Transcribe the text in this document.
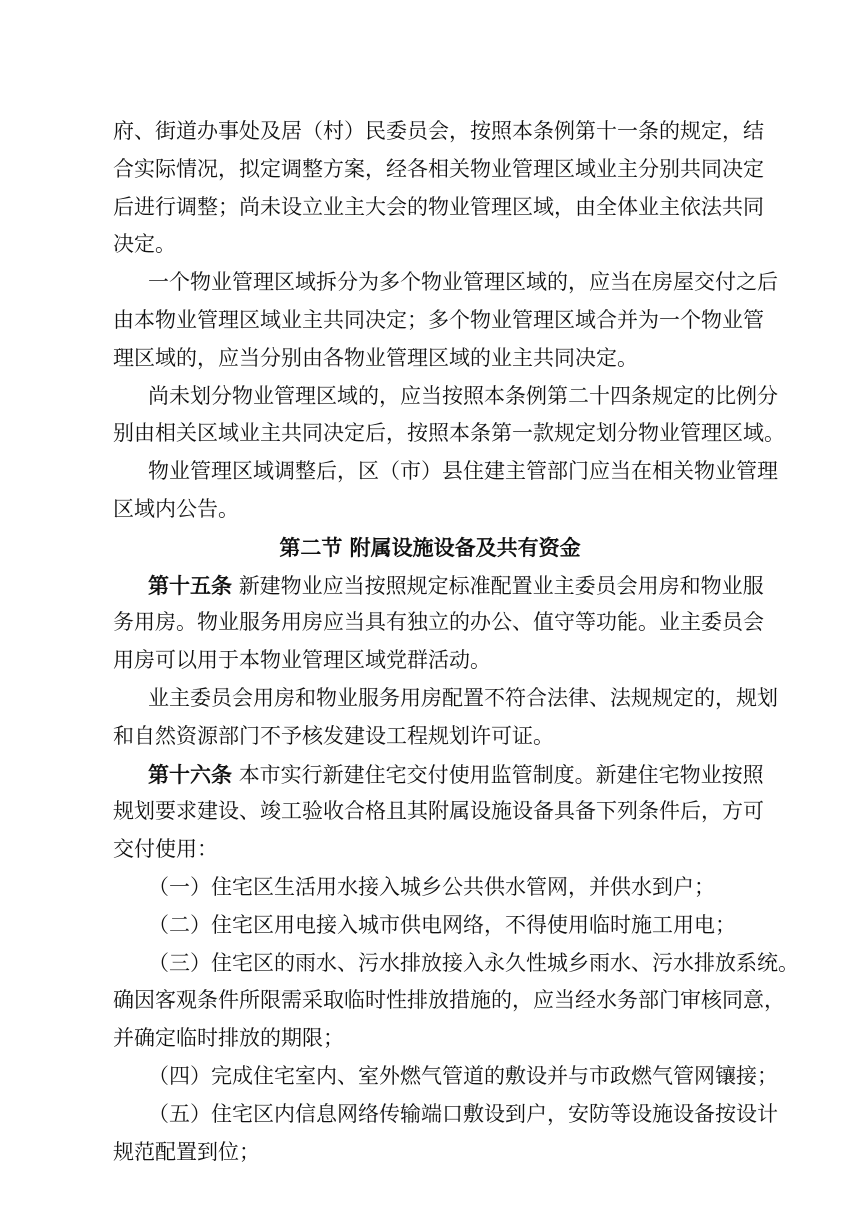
府、街道办事处及居（村）民委员会，按照本条例第十一条的规定，结

合实际情况，拟定调整方案，经各相关物业管理区域业主分别共同决定

后进行调整；尚未设立业主大会的物业管理区域，由全体业主依法共同

决定。

一个物业管理区域拆分为多个物业管理区域的，应当在房屋交付之后

由本物业管理区域业主共同决定；多个物业管理区域合并为一个物业管

理区域的，应当分别由各物业管理区域的业主共同决定。

尚未划分物业管理区域的，应当按照本条例第二十四条规定的比例分

别由相关区域业主共同决定后，按照本条第一款规定划分物业管理区域。

物业管理区域调整后，区（市）县住建主管部门应当在相关物业管理

区域内公告。

第二节 附属设施设备及共有资金

第十五条 新建物业应当按照规定标准配置业主委员会用房和物业服

务用房。物业服务用房应当具有独立的办公、值守等功能。业主委员会

用房可以用于本物业管理区域党群活动。

业主委员会用房和物业服务用房配置不符合法律、法规规定的，规划

和自然资源部门不予核发建设工程规划许可证。

第十六条 本市实行新建住宅交付使用监管制度。新建住宅物业按照

规划要求建设、竣工验收合格且其附属设施设备具备下列条件后，方可

交付使用：

（一）住宅区生活用水接入城乡公共供水管网，并供水到户；

（二）住宅区用电接入城市供电网络，不得使用临时施工用电；

（三）住宅区的雨水、污水排放接入永久性城乡雨水、污水排放系统。

确因客观条件所限需采取临时性排放措施的，应当经水务部门审核同意，

并确定临时排放的期限；

（四）完成住宅室内、室外燃气管道的敷设并与市政燃气管网镶接；

（五）住宅区内信息网络传输端口敷设到户，安防等设施设备按设计

规范配置到位；
